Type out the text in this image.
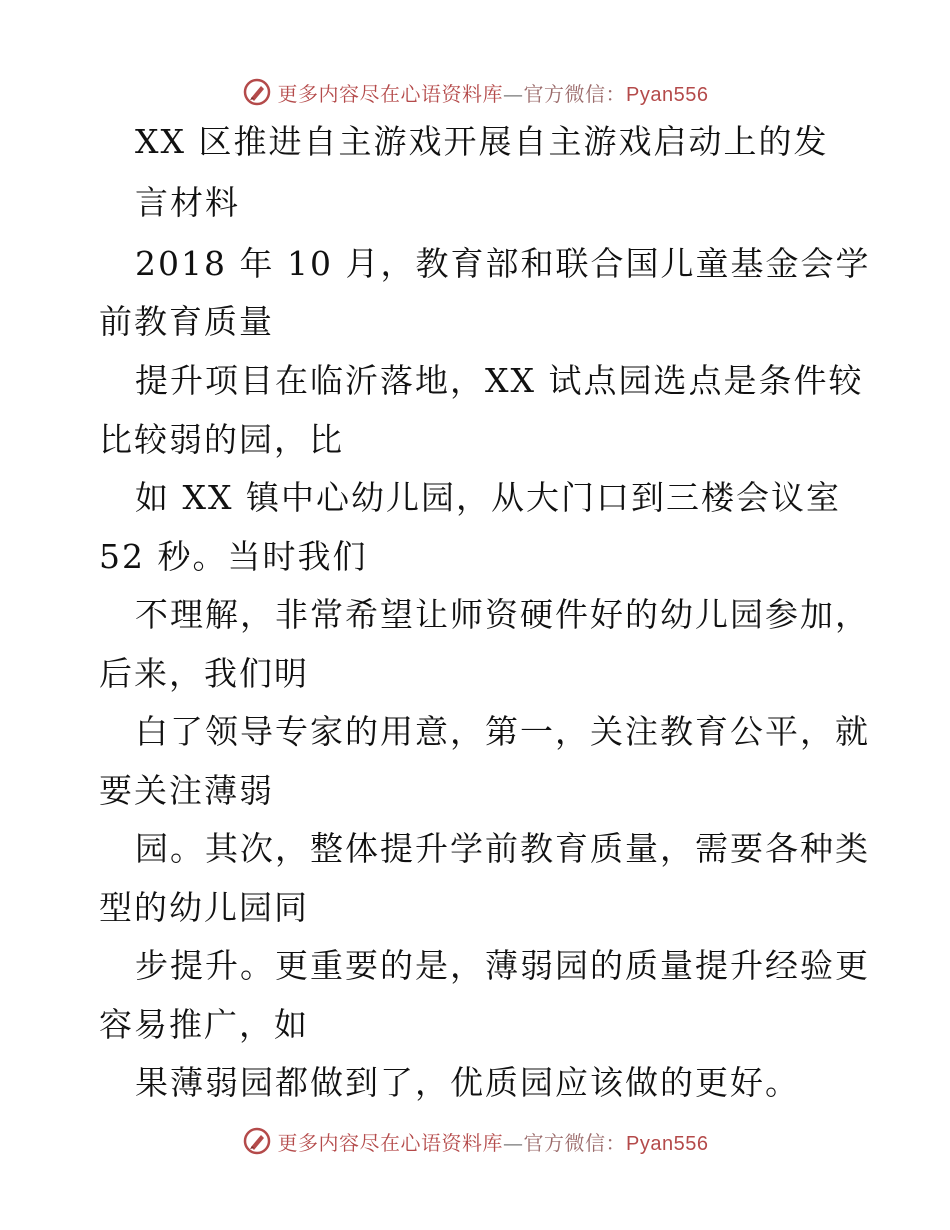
更多内容尽在心语资料库—官方微信：Pyan556
XX 区推进自主游戏开展自主游戏启动上的发
言材料
2018 年 10 月，教育部和联合国儿童基金会学
前教育质量
提升项目在临沂落地，XX 试点园选点是条件较
比较弱的园，比
如 XX 镇中心幼儿园，从大门口到三楼会议室
52 秒。当时我们
不理解，非常希望让师资硬件好的幼儿园参加，
后来，我们明
白了领导专家的用意，第一，关注教育公平，就
要关注薄弱
园。其次，整体提升学前教育质量，需要各种类
型的幼儿园同
步提升。更重要的是，薄弱园的质量提升经验更
容易推广，如
果薄弱园都做到了，优质园应该做的更好。
更多内容尽在心语资料库—官方微信：Pyan556
